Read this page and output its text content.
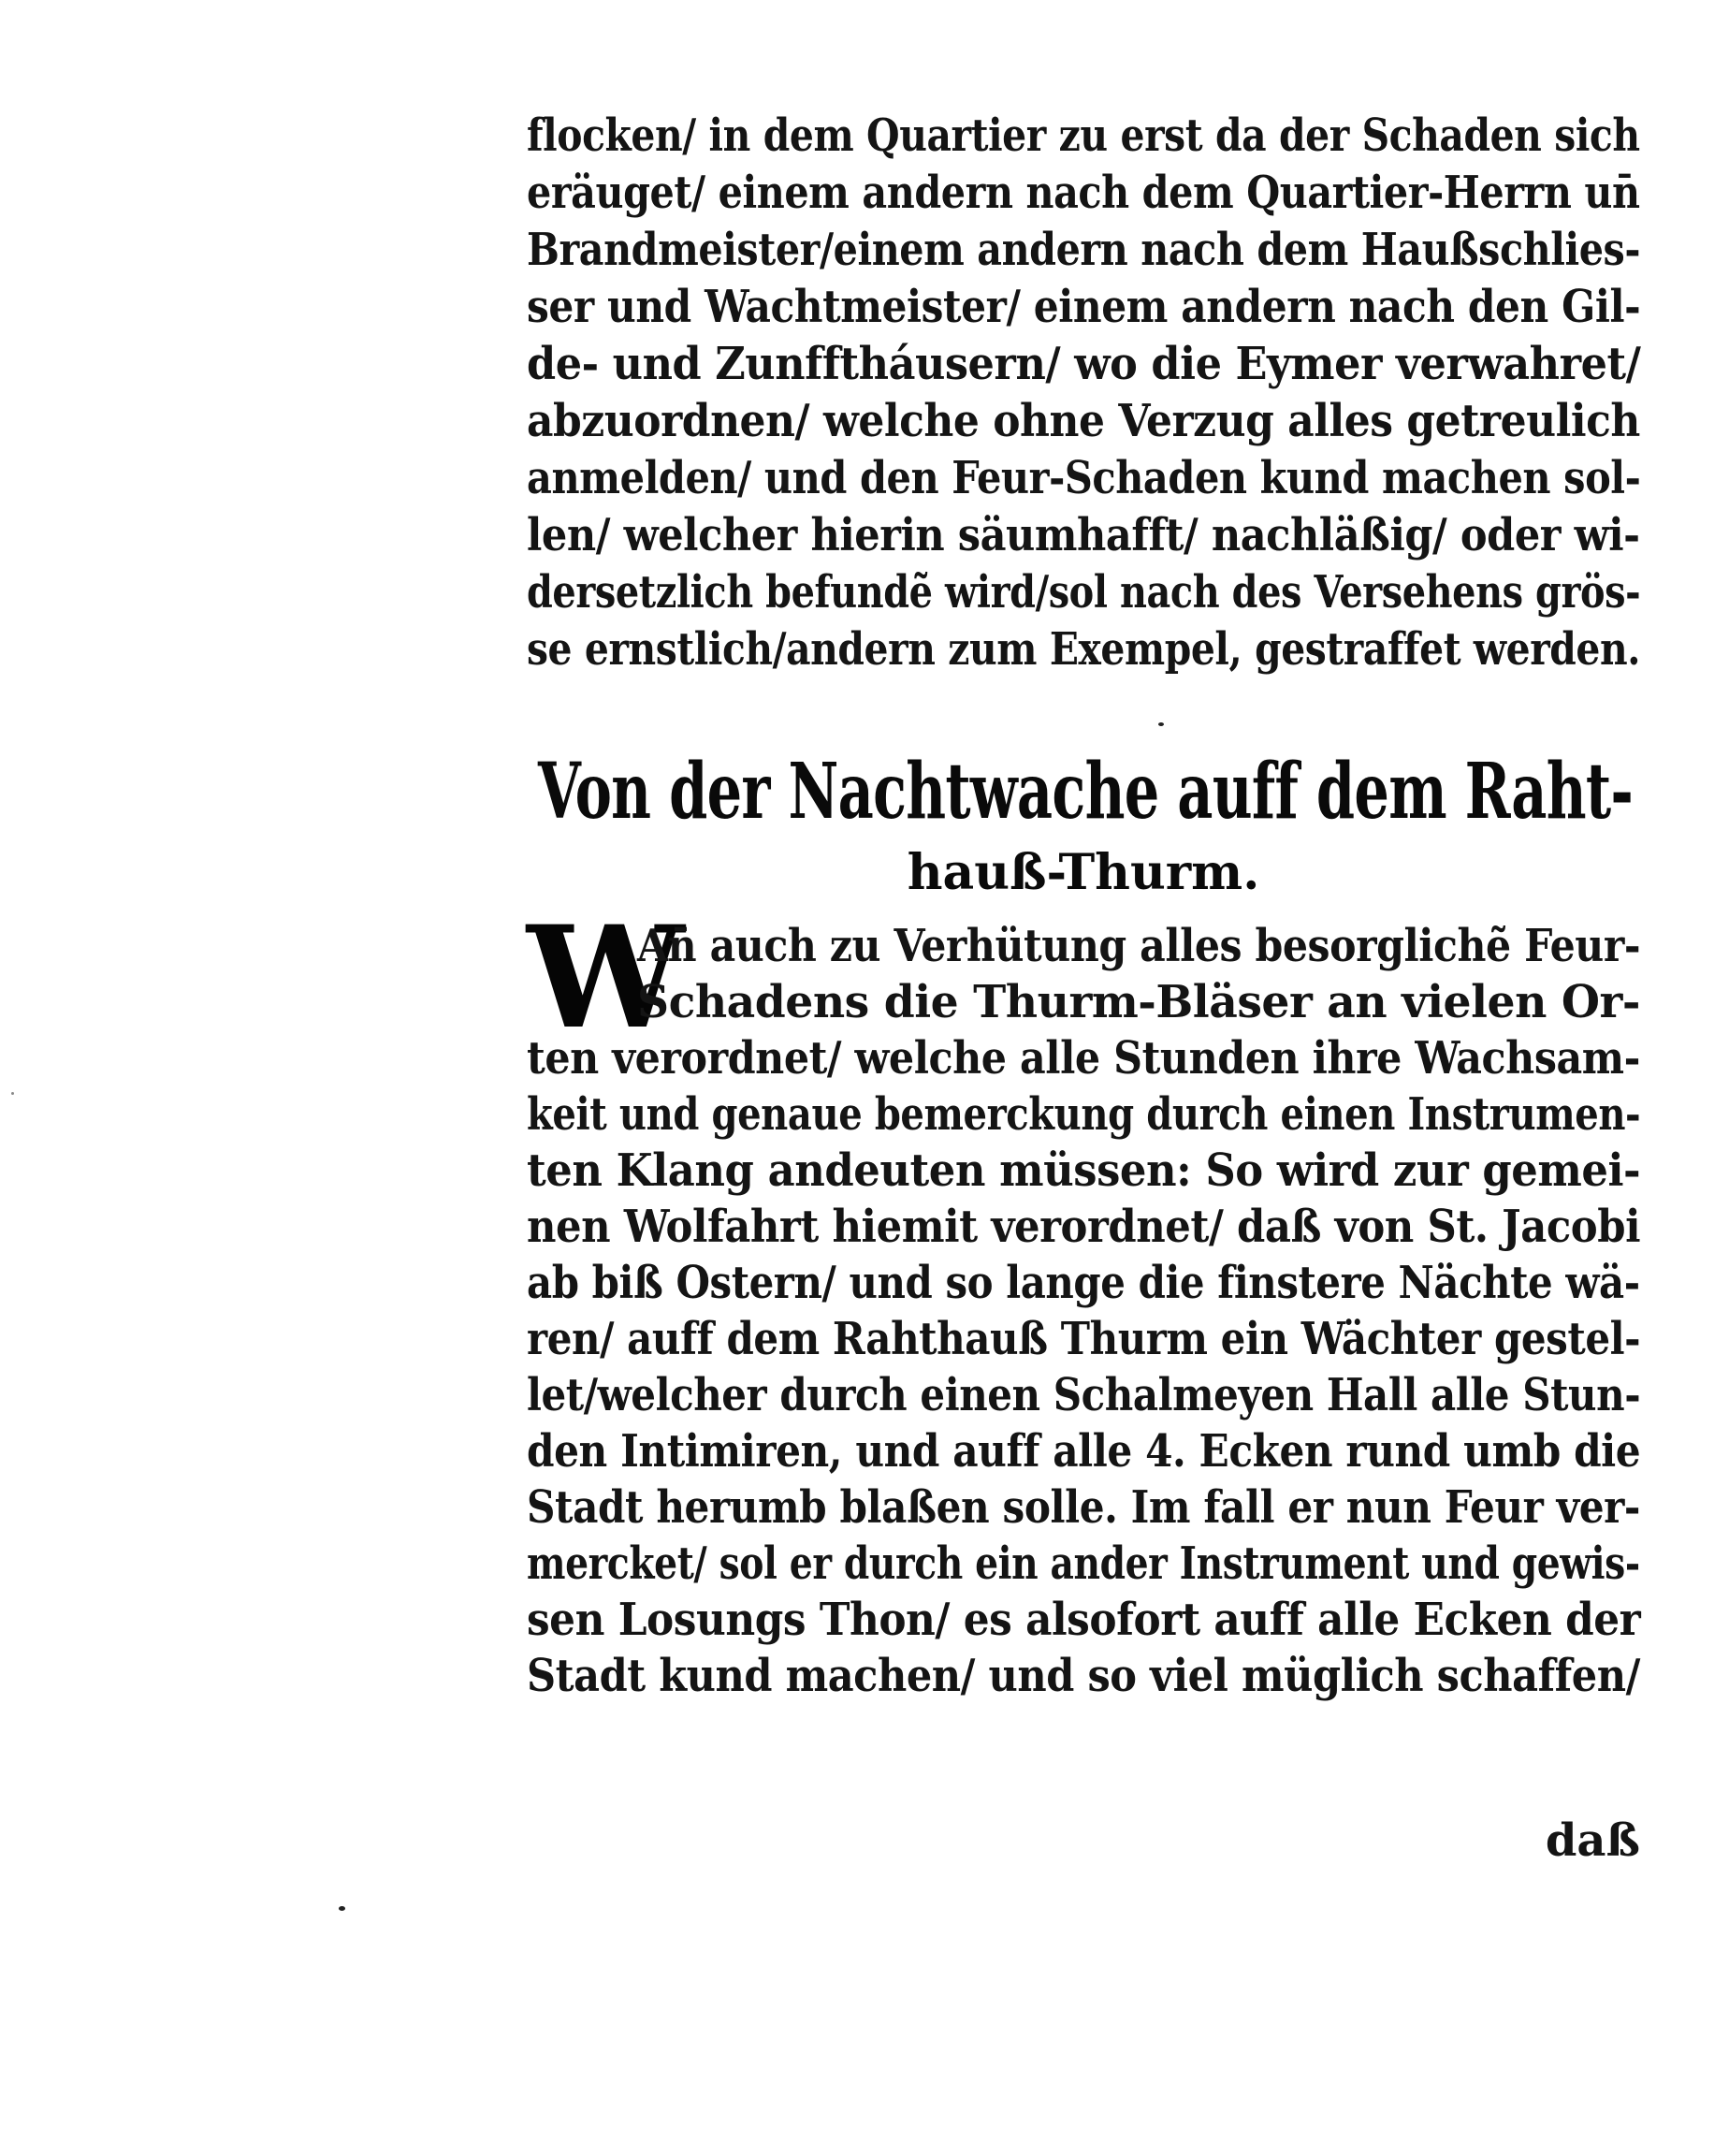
flocken/ in dem Quartier zu erst da der Schaden sich
eräuget/ einem andern nach dem Quartier-Herrn un̄
Brandmeister/einem andern nach dem Haußschlies-
ser und Wachtmeister/ einem andern nach den Gil-
de- und Zunfftháusern/ wo die Eymer verwahret/
abzuordnen/ welche ohne Verzug alles getreulich
anmelden/ und den Feur-Schaden kund machen sol-
len/ welcher hierin säumhafft/ nachläßig/ oder wi-
dersetzlich befundẽ wird/sol nach des Versehens grös-
se ernstlich/andern zum Exempel, gestraffet werden.
Von der Nachtwache auff dem Raht-
hauß-Thurm.
W
An̄ auch zu Verhütung alles besorglichẽ Feur-
Schadens die Thurm-Bläser an vielen Or-
ten verordnet/ welche alle Stunden ihre Wachsam-
keit und genaue bemerckung durch einen Instrumen-
ten Klang andeuten müssen: So wird zur gemei-
nen Wolfahrt hiemit verordnet/ daß von St. Jacobi
ab biß Ostern/ und so lange die finstere Nächte wä-
ren/ auff dem Rahthauß Thurm ein Wächter gestel-
let/welcher durch einen Schalmeyen Hall alle Stun-
den Intimiren, und auff alle 4. Ecken rund umb die
Stadt herumb blaßen solle. Im fall er nun Feur ver-
mercket/ sol er durch ein ander Instrument und gewis-
sen Losungs Thon/ es alsofort auff alle Ecken der
Stadt kund machen/ und so viel müglich schaffen/
daß
